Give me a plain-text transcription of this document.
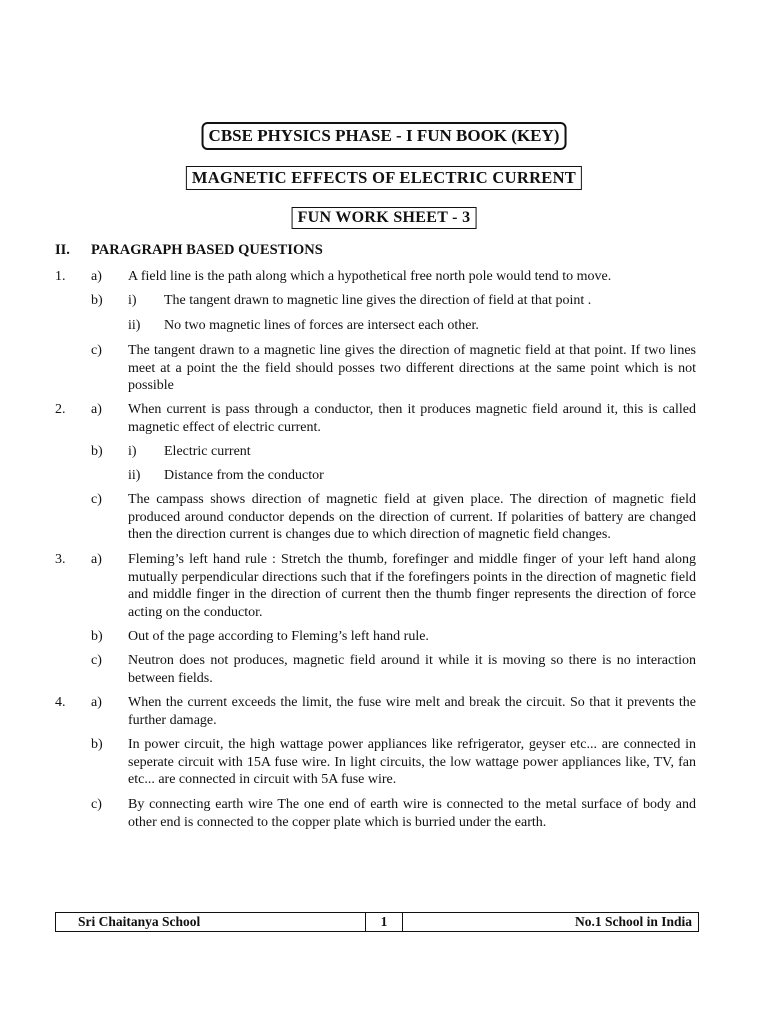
CBSE PHYSICS PHASE - I FUN BOOK (KEY)
MAGNETIC EFFECTS OF ELECTRIC CURRENT
FUN WORK SHEET - 3
II. PARAGRAPH BASED QUESTIONS
1. a) A field line is the path along which a hypothetical free north pole would tend to move.
b) i) The tangent drawn to magnetic line gives the direction of field at that point .
ii) No two magnetic lines of forces are intersect each other.
c) The tangent drawn to a magnetic line gives the direction of magnetic field at that point. If two lines meet at a point the the field should posses two different directions at the same point which is not possible
2. a) When current is pass through a conductor, then it produces magnetic field around it, this is called magnetic effect of electric current.
b) i) Electric current
ii) Distance from the conductor
c) The campass shows direction of magnetic field at given place. The direction of magnetic field produced around conductor depends on the direction of current. If polarities of battery are changed then the direction current is changes due to which direction of magnetic field changes.
3. a) Fleming’s left hand rule : Stretch the thumb, forefinger and middle finger of your left hand along mutually perpendicular directions such that if the forefingers points in the direction of magnetic field and middle finger in the direction of current then the thumb finger represents the direction of force acting on the conductor.
b) Out of the page according to Fleming’s left hand rule.
c) Neutron does not produces, magnetic field around it while it is moving so there is no interaction between fields.
4. a) When the current exceeds the limit, the fuse wire melt and break the circuit. So that it prevents the further damage.
b) In power circuit, the high wattage power appliances like refrigerator, geyser etc... are connected in seperate circuit with 15A fuse wire. In light circuits, the low wattage power appliances like, TV, fan etc... are connected in circuit with 5A fuse wire.
c) By connecting earth wire The one end of earth wire is connected to the metal surface of body and other end is connected to the copper plate which is burried under the earth.
Sri Chaitanya School	1	No.1 School in India
